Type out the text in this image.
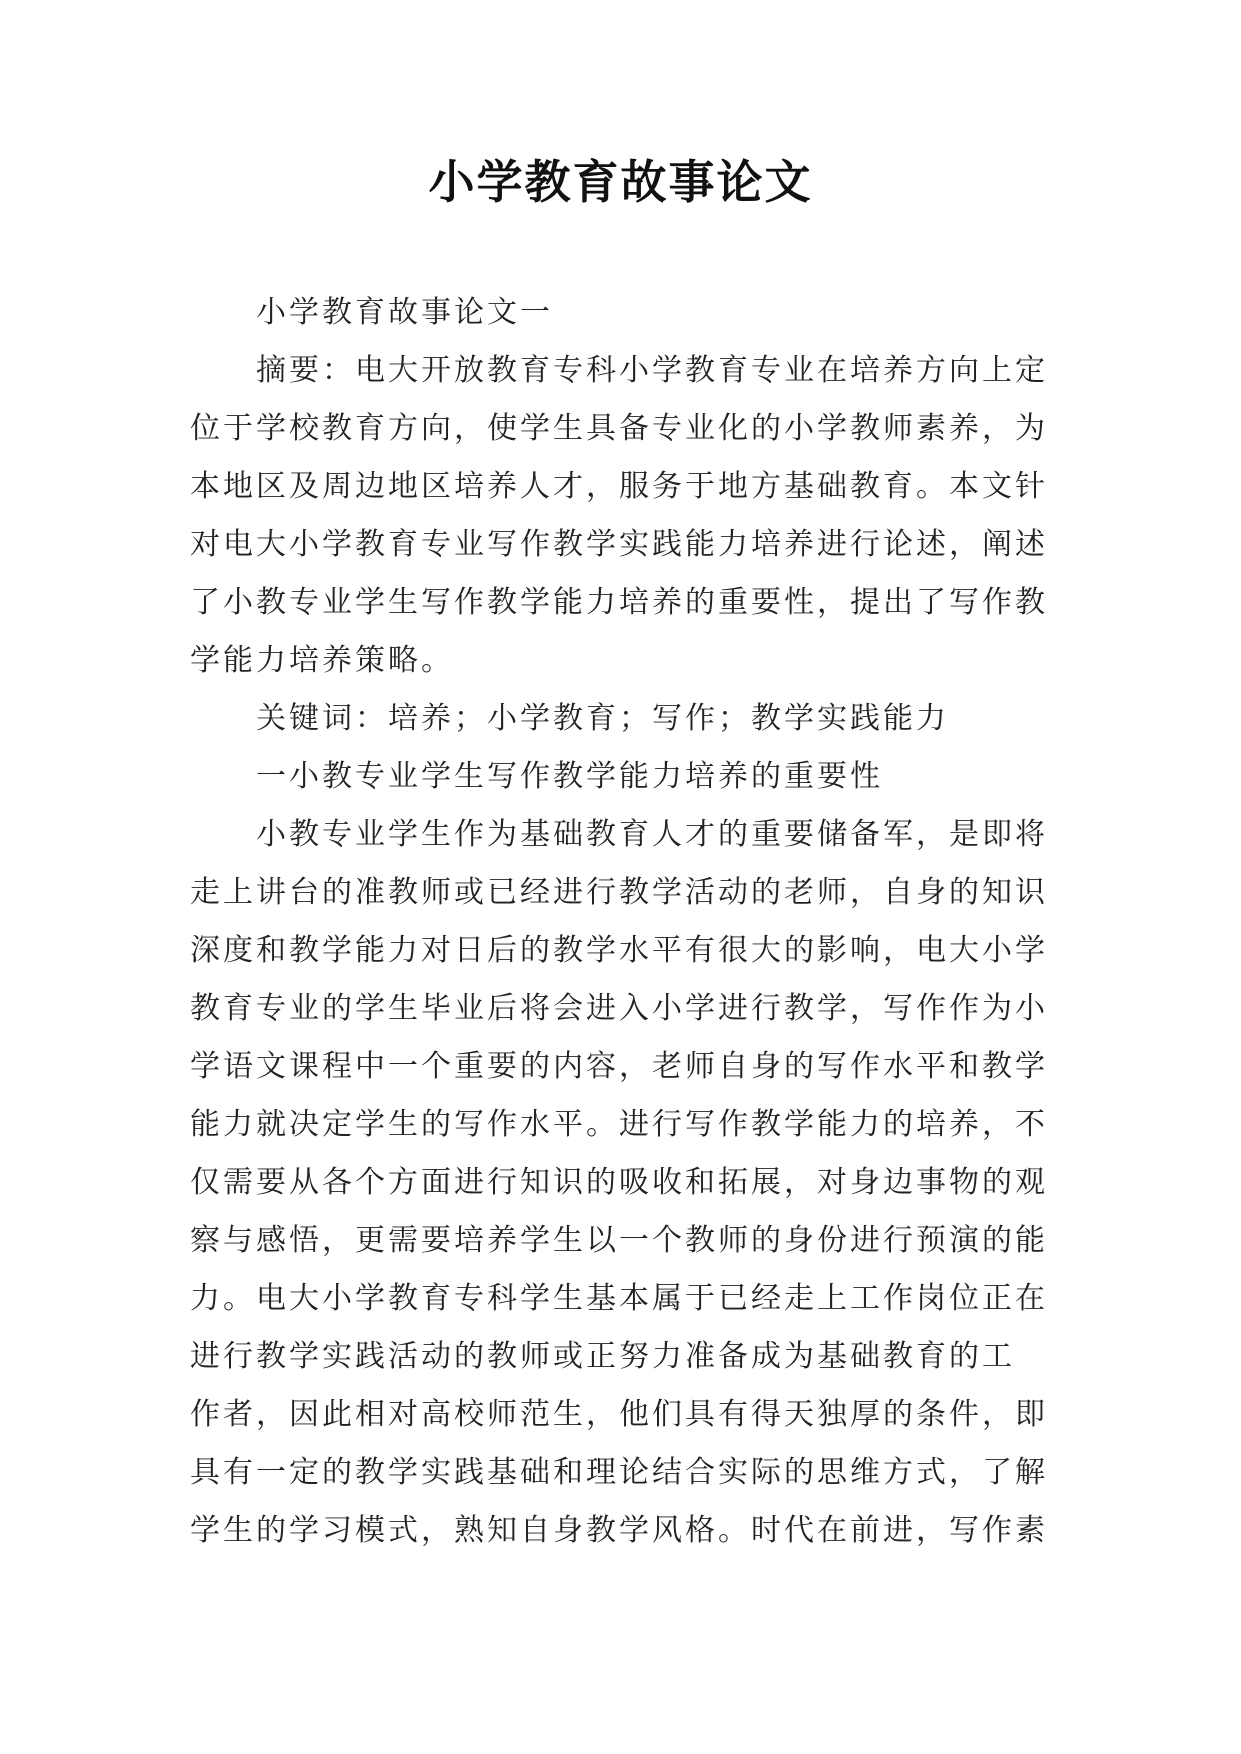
小学教育故事论文
小学教育故事论文一
摘要：电大开放教育专科小学教育专业在培养方向上定
位于学校教育方向，使学生具备专业化的小学教师素养，为
本地区及周边地区培养人才，服务于地方基础教育。本文针
对电大小学教育专业写作教学实践能力培养进行论述，阐述
了小教专业学生写作教学能力培养的重要性，提出了写作教
学能力培养策略。
关键词：培养；小学教育；写作；教学实践能力
一小教专业学生写作教学能力培养的重要性
小教专业学生作为基础教育人才的重要储备军，是即将
走上讲台的准教师或已经进行教学活动的老师，自身的知识
深度和教学能力对日后的教学水平有很大的影响，电大小学
教育专业的学生毕业后将会进入小学进行教学，写作作为小
学语文课程中一个重要的内容，老师自身的写作水平和教学
能力就决定学生的写作水平。进行写作教学能力的培养，不
仅需要从各个方面进行知识的吸收和拓展，对身边事物的观
察与感悟，更需要培养学生以一个教师的身份进行预演的能
力。电大小学教育专科学生基本属于已经走上工作岗位正在
进行教学实践活动的教师或正努力准备成为基础教育的工
作者，因此相对高校师范生，他们具有得天独厚的条件，即
具有一定的教学实践基础和理论结合实际的思维方式，了解
学生的学习模式，熟知自身教学风格。时代在前进，写作素
